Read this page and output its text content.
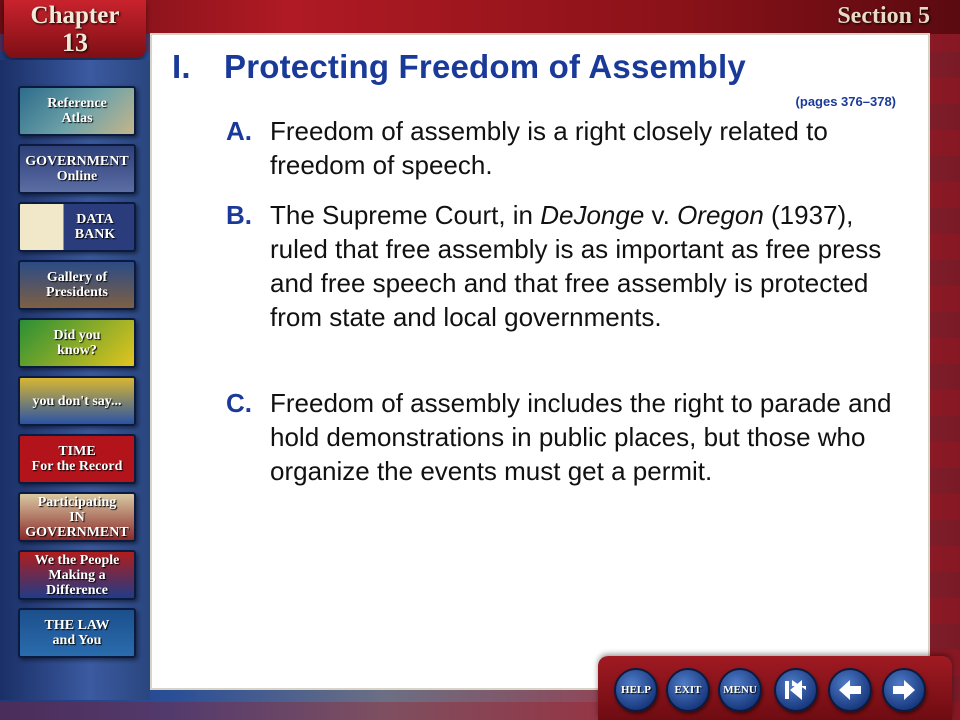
Chapter
13
Section 5
Reference
Atlas
GOVERNMENT
Online
DATA
BANK
Gallery of
Presidents
Did you
know?
you don't say...
TIME
For the Record
Participating
IN GOVERNMENT
We the People
Making a Difference
THE LAW
and You
I. Protecting Freedom of Assembly
(pages 376–378)
A. Freedom of assembly is a right closely related to freedom of speech.
B. The Supreme Court, in DeJonge v. Oregon (1937), ruled that free assembly is as important as free press and free speech and that free assembly is protected from state and local governments.
C. Freedom of assembly includes the right to parade and hold demonstrations in public places, but those who organize the events must get a permit.
HELP EXIT MENU
